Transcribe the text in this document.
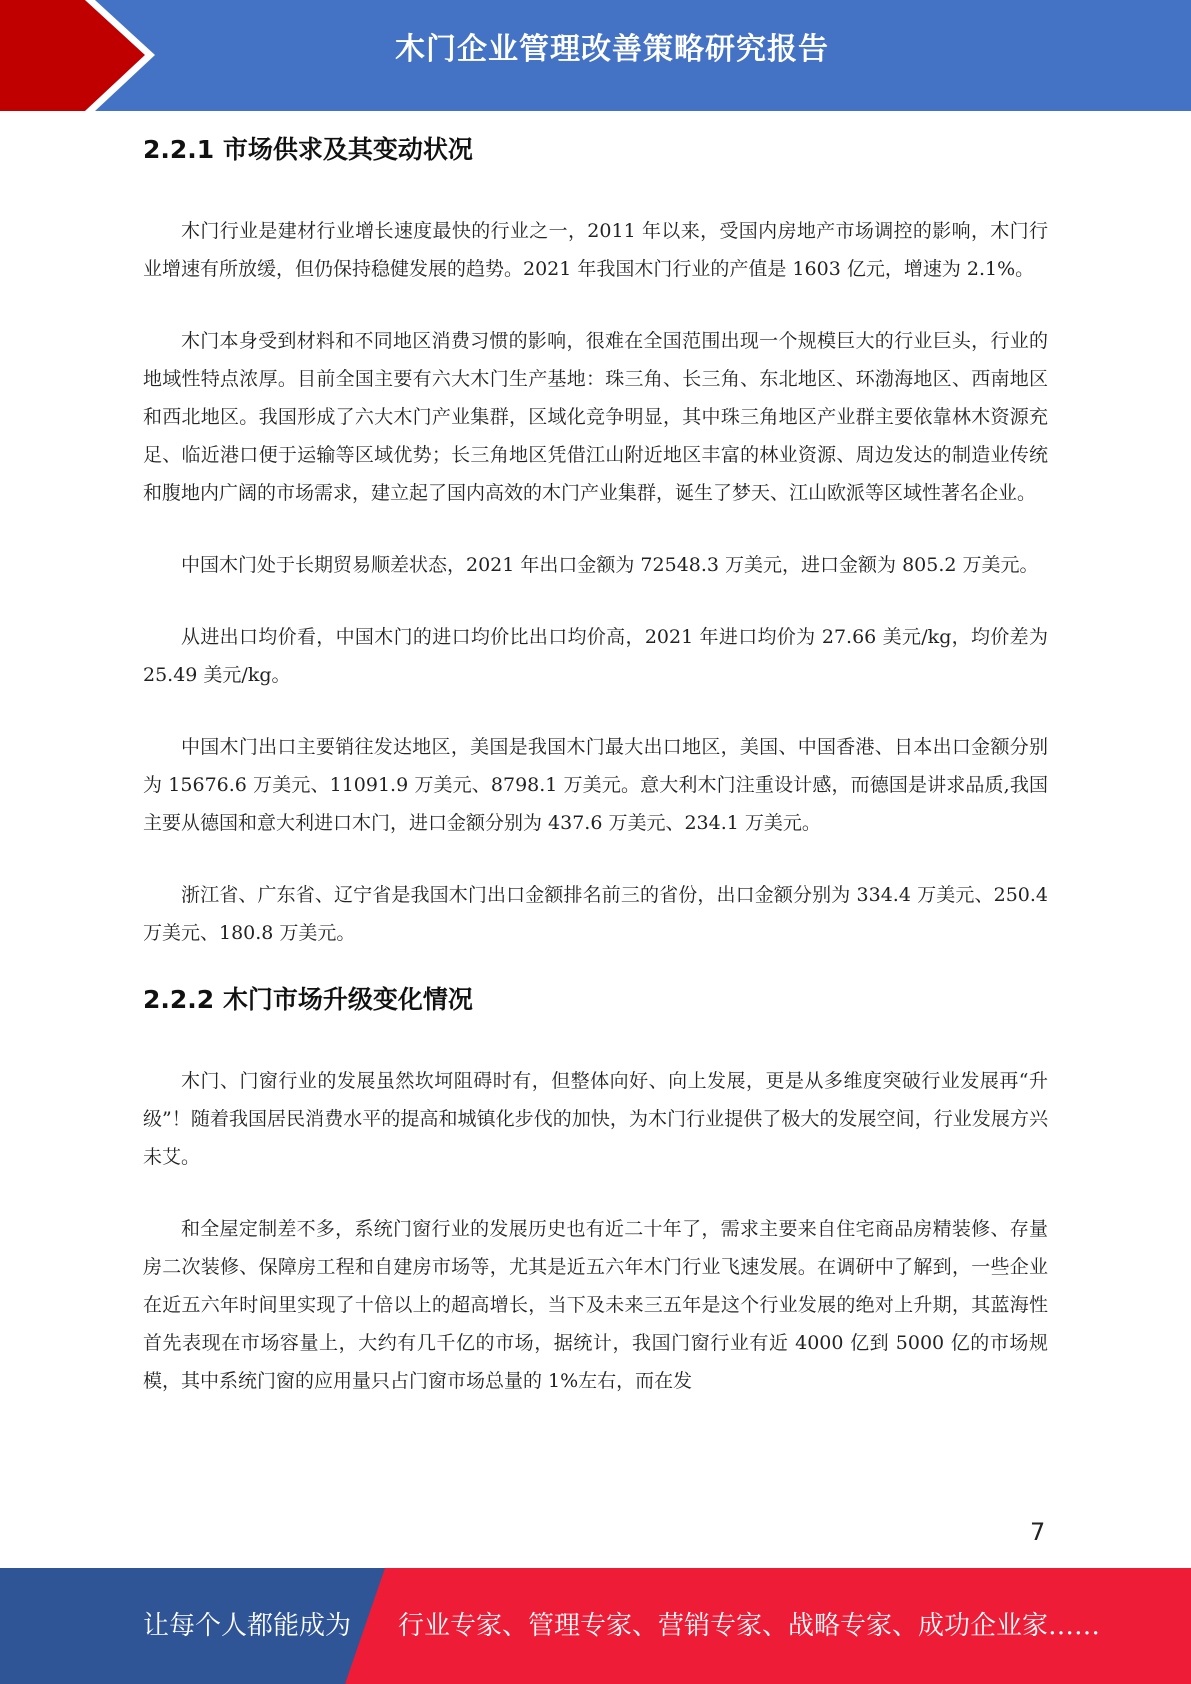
木门企业管理改善策略研究报告
2.2.1 市场供求及其变动状况

木门行业是建材行业增长速度最快的行业之一，2011 年以来，受国内房地产市场调控的影响，木门行业增速有所放缓，但仍保持稳健发展的趋势。2021 年我国木门行业的产值是 1603 亿元，增速为 2.1%。

木门本身受到材料和不同地区消费习惯的影响，很难在全国范围出现一个规模巨大的行业巨头，行业的地域性特点浓厚。目前全国主要有六大木门生产基地：珠三角、长三角、东北地区、环渤海地区、西南地区和西北地区。我国形成了六大木门产业集群，区域化竞争明显，其中珠三角地区产业群主要依靠林木资源充足、临近港口便于运输等区域优势；长三角地区凭借江山附近地区丰富的林业资源、周边发达的制造业传统和腹地内广阔的市场需求，建立起了国内高效的木门产业集群，诞生了梦天、江山欧派等区域性著名企业。

中国木门处于长期贸易顺差状态，2021 年出口金额为 72548.3 万美元，进口金额为 805.2 万美元。

从进出口均价看，中国木门的进口均价比出口均价高，2021 年进口均价为 27.66 美元/kg，均价差为 25.49 美元/kg。

中国木门出口主要销往发达地区，美国是我国木门最大出口地区，美国、中国香港、日本出口金额分别为 15676.6 万美元、11091.9 万美元、8798.1 万美元。意大利木门注重设计感，而德国是讲求品质,我国主要从德国和意大利进口木门，进口金额分别为 437.6 万美元、234.1 万美元。

浙江省、广东省、辽宁省是我国木门出口金额排名前三的省份，出口金额分别为 334.4 万美元、250.4 万美元、180.8 万美元。

2.2.2 木门市场升级变化情况

木门、门窗行业的发展虽然坎坷阻碍时有，但整体向好、向上发展，更是从多维度突破行业发展再“升级”！随着我国居民消费水平的提高和城镇化步伐的加快，为木门行业提供了极大的发展空间，行业发展方兴未艾。

和全屋定制差不多，系统门窗行业的发展历史也有近二十年了，需求主要来自住宅商品房精装修、存量房二次装修、保障房工程和自建房市场等，尤其是近五六年木门行业飞速发展。在调研中了解到，一些企业在近五六年时间里实现了十倍以上的超高增长，当下及未来三五年是这个行业发展的绝对上升期，其蓝海性首先表现在市场容量上，大约有几千亿的市场，据统计，我国门窗行业有近 4000 亿到 5000 亿的市场规模，其中系统门窗的应用量只占门窗市场总量的 1%左右，而在发

7
让每个人都能成为 行业专家、管理专家、营销专家、战略专家、成功企业家……
